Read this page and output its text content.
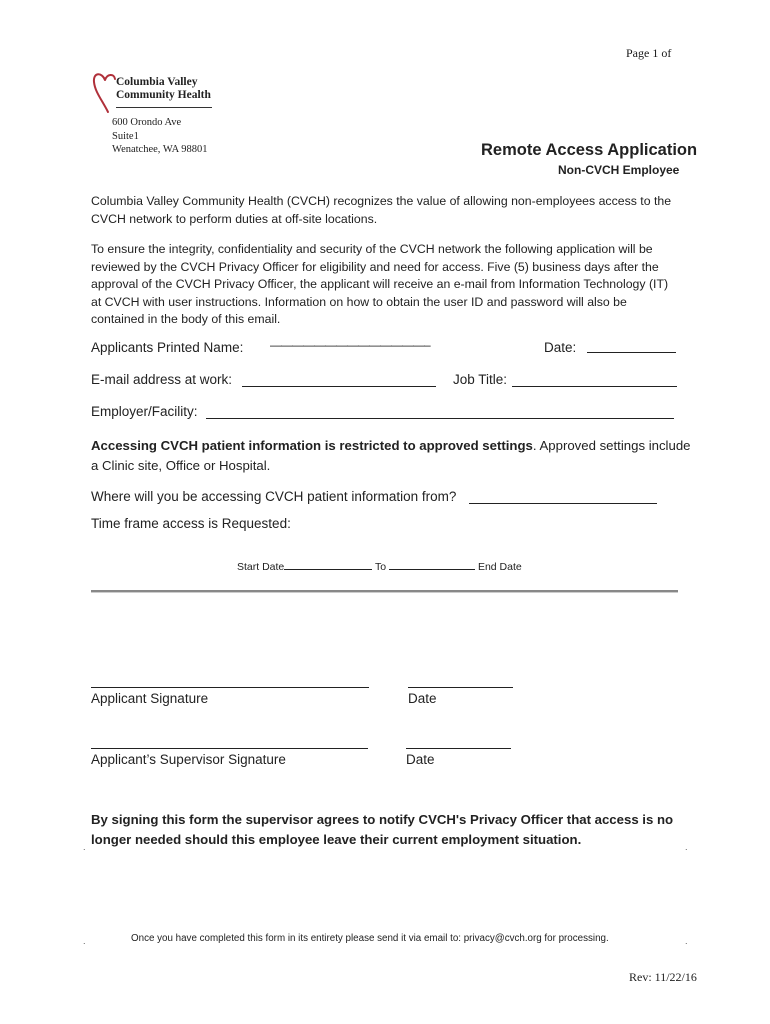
Page 1 of
Columbia Valley
Community Health
600 Orondo Ave
Suite1
Wenatchee, WA 98801	Remote Access Application
Non-CVCH Employee
Columbia Valley Community Health (CVCH) recognizes the value of allowing non-employees access to the CVCH network to perform duties at off-site locations.
To ensure the integrity, confidentiality and security of the CVCH network the following application will be reviewed by the CVCH Privacy Officer for eligibility and need for access. Five (5) business days after the approval of the CVCH Privacy Officer, the applicant will receive an e-mail from Information Technology (IT) at CVCH with user instructions. Information on how to obtain the user ID and password will also be contained in the body of this email.
Applicants Printed Name: ——————————————–	Date:
E-mail address at work:	Job Title:
Employer/Facility:
Accessing CVCH patient information is restricted to approved settings. Approved settings include a Clinic site, Office or Hospital.
Where will you be accessing CVCH patient information from?
Time frame access is Requested:
Start Date	To	End Date
Applicant Signature	Date
Applicant’s Supervisor Signature	Date
By signing this form the supervisor agrees to notify CVCH's Privacy Officer that access is no longer needed should this employee leave their current employment situation.
.	.
.	Once you have completed this form in its entirety please send it via email to: privacy@cvch.org for processing.	.
Rev: 11/22/16
